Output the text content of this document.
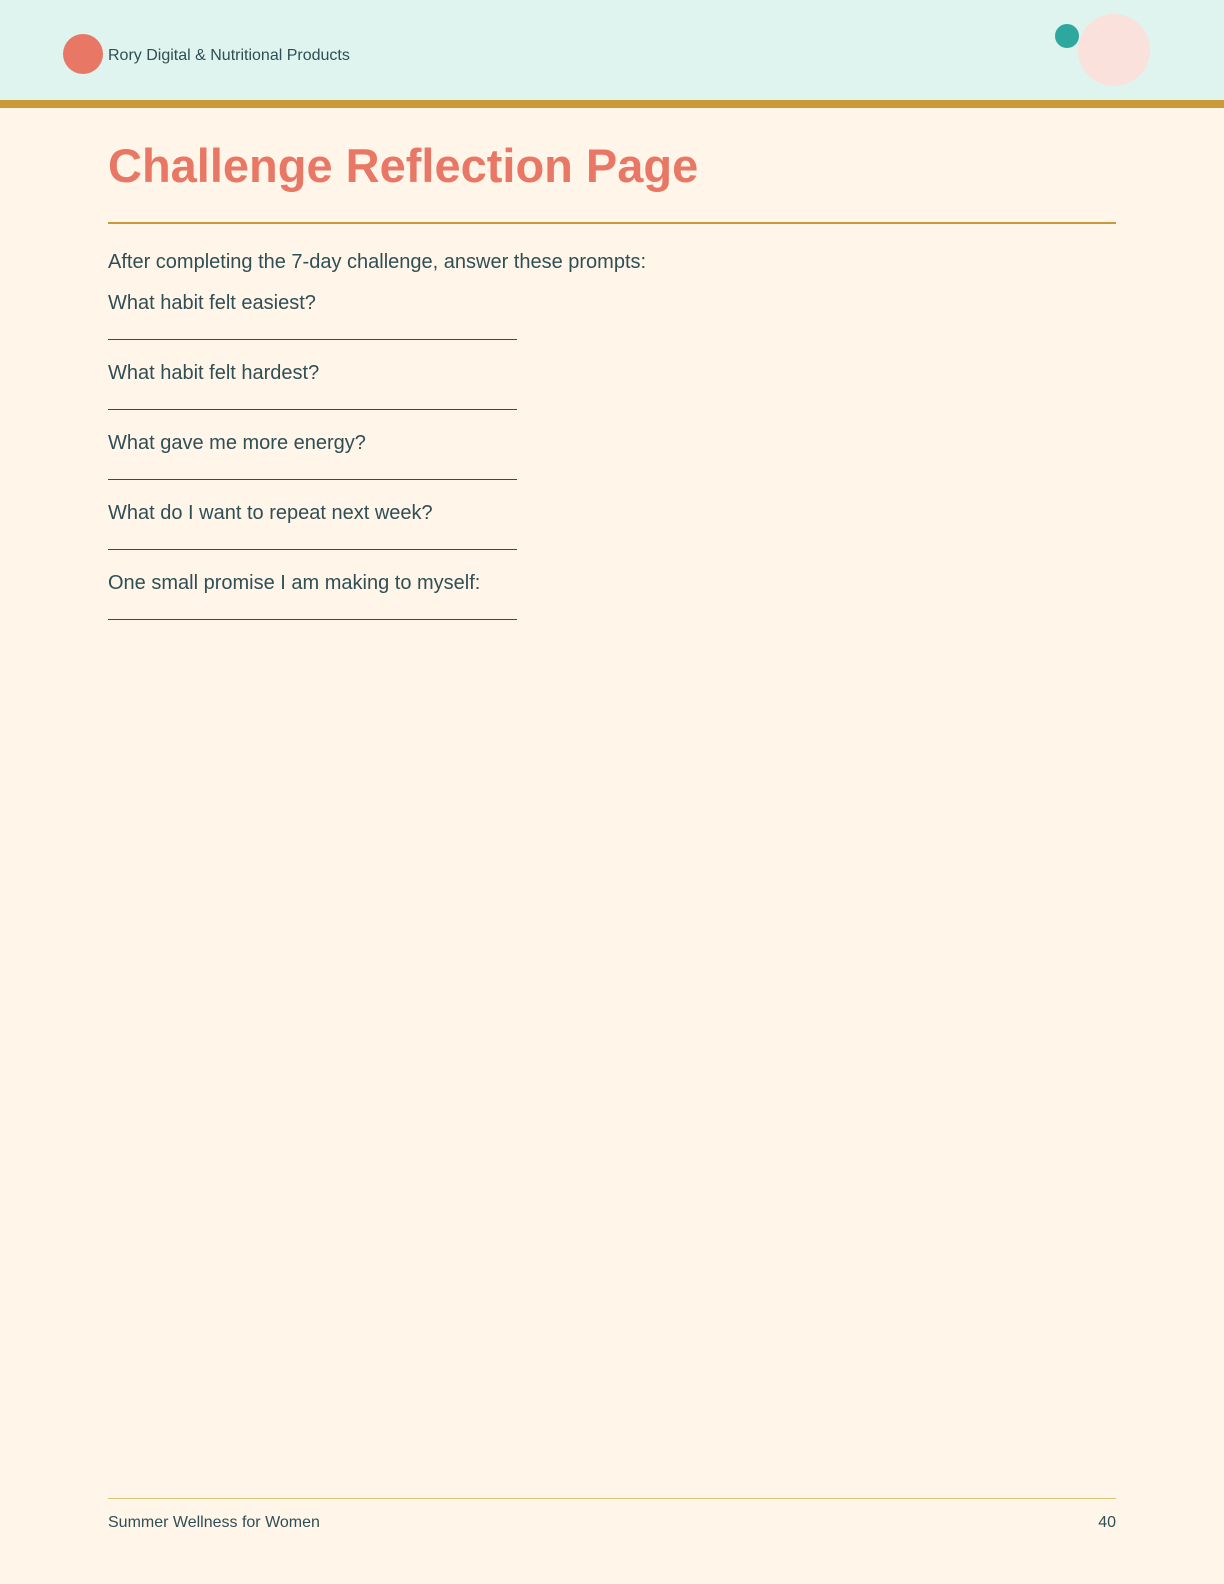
Rory Digital & Nutritional Products
Challenge Reflection Page

After completing the 7-day challenge, answer these prompts:

What habit felt easiest?
What habit felt hardest?
What gave me more energy?
What do I want to repeat next week?
One small promise I am making to myself:
Summer Wellness for Women	40
